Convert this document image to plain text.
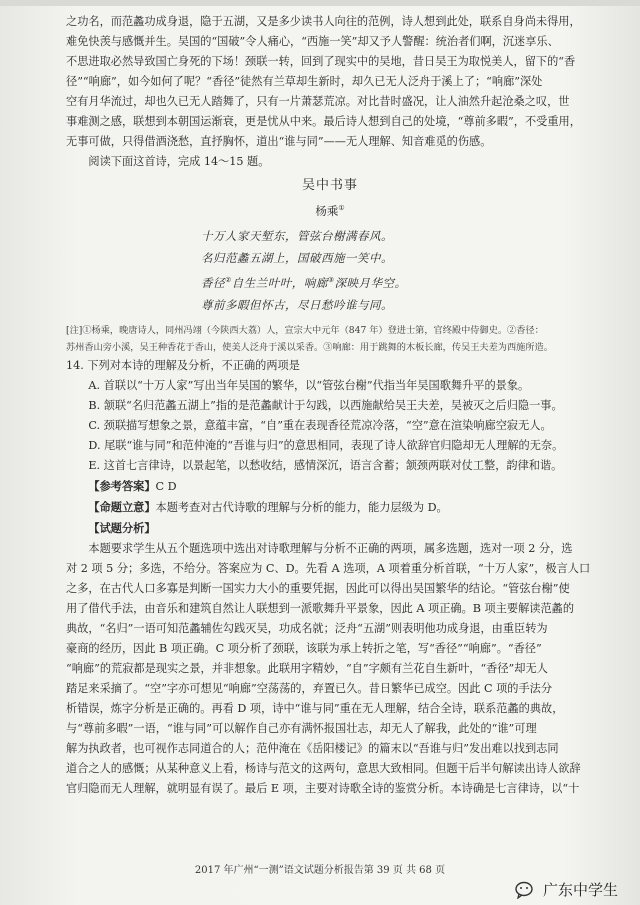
之功名，而范蠡功成身退，隐于五湖，又是多少读书人向往的范例，诗人想到此处，联系自身尚未得用，

难免快羡与感慨并生。吴国的“国破”令人痛心，“西施一笑”却又予人警醒：统治者们啊，沉迷享乐、

不思进取必然导致国亡身死的下场！颈联一转，回到了现实中的吴地，昔日吴王为取悦美人，留下的“香

径”“响廊”，如今如何了呢？“香径”徒然有兰草却生新时，却久已无人泛舟于溪上了；“响廊”深处

空有月华流过，却也久已无人踏舞了，只有一片萧瑟荒凉。对比昔时盛况，让人油然升起沧桑之叹，世

事难测之感，联想到本朝国运渐衰，更是忧从中来。最后诗人想到自己的处境，“尊前多暇”，不受重用，

无事可做，只得借酒浇愁，直抒胸怀，道出“谁与同”——无人理解、知音难觅的伤感。

阅读下面这首诗，完成 14～15 题。

吴中书事
杨乘①
十万人家天堑东，管弦台榭满春风。
名归范蠡五湖上，国破西施一笑中。
香径②自生兰叶叶，响廊③深映月华空。
尊前多暇但怀古，尽日愁吟谁与同。
[注]①杨乘，晚唐诗人，同州冯翊（今陕西大荔）人，宣宗大中元年（847 年）登进士第，官终殿中侍御史。②香径：
苏州香山旁小溪，吴王种香花于香山，使美人泛舟于溪以采香。③响廊：用于跳舞的木板长廊，传吴王夫差为西施所造。

14. 下列对本诗的理解及分析，不正确的两项是

A. 首联以“十万人家”写出当年吴国的繁华，以“管弦台榭”代指当年吴国歌舞升平的景象。

B. 颔联“名归范蠡五湖上”指的是范蠡献计于勾践，以西施献给吴王夫差，吴被灭之后归隐一事。

C. 颈联描写想象之景，意蕴丰富，“自”重在表现香径荒凉冷落，“空”意在渲染响廊空寂无人。

D. 尾联“谁与同”和范仲淹的“吾谁与归”的意思相同，表现了诗人欲辞官归隐却无人理解的无奈。

E. 这首七言律诗，以景起笔，以愁收结，感情深沉，语言含蓄；颔颈两联对仗工整，韵律和谐。

【参考答案】C D

【命题立意】本题考查对古代诗歌的理解与分析的能力，能力层级为 D。

【试题分析】

本题要求学生从五个题选项中选出对诗歌理解与分析不正确的两项，属多选题，选对一项 2 分，选

对 2 项 5 分；多选，不给分。答案应为 C、D。先看 A 选项，A 项着重分析首联，“十万人家”，极言人口

之多，在古代人口多寡是判断一国实力大小的重要凭据，因此可以得出吴国繁华的结论。“管弦台榭”使

用了借代手法，由音乐和建筑自然让人联想到一派歌舞升平景象，因此 A 项正确。B 项主要解读范蠡的

典故，“名归”一语可知范蠡辅佐勾践灭吴，功成名就；泛舟“五湖”则表明他功成身退，由重臣转为

豪商的经历，因此 B 项正确。C 项分析了颈联，该联为承上转折之笔，写“香径”“响廊”。“香径”

“响廊”的荒寂都是现实之景，并非想象。此联用字精妙，“自”字颇有兰花自生新叶，“香径”却无人

踏足来采摘了。“空”字亦可想见“响廊”空荡荡的，弃置已久。昔日繁华已成空。因此 C 项的手法分

析错误，炼字分析是正确的。再看 D 项，诗中“谁与同”重在无人理解，结合全诗，联系范蠡的典故，

与“尊前多暇”一语，“谁与同”可以解作自己亦有满怀报国壮志，却无人了解我，此处的“谁”可理

解为执政者，也可视作志同道合的人；范仲淹在《岳阳楼记》的篇末以“吾谁与归”发出难以找到志同

道合之人的感慨；从某种意义上看，杨诗与范文的这两句，意思大致相同。但题干后半句解读出诗人欲辞

官归隐而无人理解，就明显有误了。最后 E 项，主要对诗歌全诗的鉴赏分析。本诗确是七言律诗，以“十

2017 年广州“一测”语文试题分析报告第 39 页 共 68 页
广东中学生
